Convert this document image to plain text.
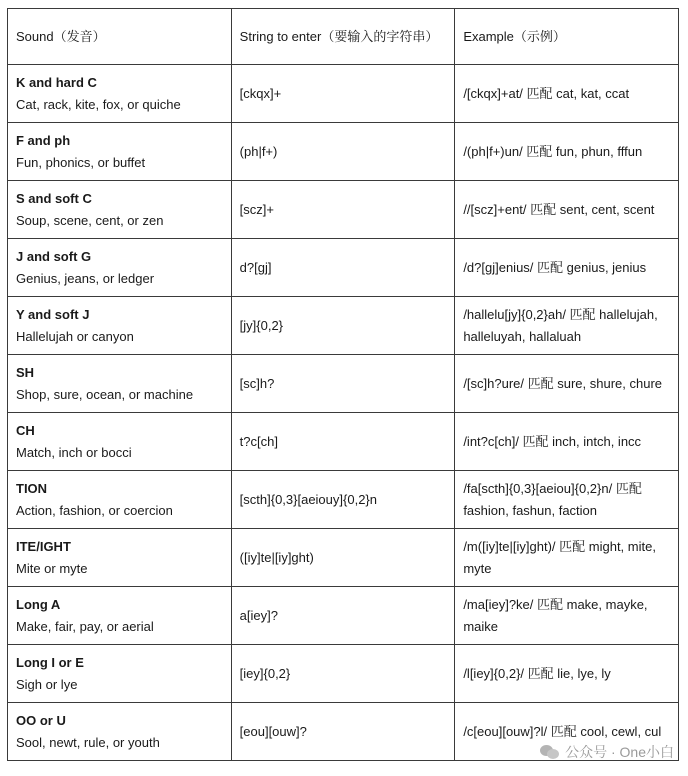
Sound（发音）	String to enter（要输入的字符串）	Example（示例）

K and hard C
Cat, rack, kite, fox, or quiche	[ckqx]+	/[ckqx]+at/ 匹配 cat, kat, ccat

F and ph
Fun, phonics, or buffet	(ph|f+)	/(ph|f+)un/ 匹配 fun, phun, fffun

S and soft C
Soup, scene, cent, or zen	[scz]+	//[scz]+ent/ 匹配 sent, cent, scent

J and soft G
Genius, jeans, or ledger	d?[gj]	/d?[gj]enius/ 匹配 genius, jenius

Y and soft J
Hallelujah or canyon	[jy]{0,2}	/hallelu[jy]{0,2}ah/ 匹配 hallelujah, halleluyah, hallaluah

SH
Shop, sure, ocean, or machine	[sc]h?	/[sc]h?ure/ 匹配 sure, shure, chure

CH
Match, inch or bocci	t?c[ch]	/int?c[ch]/ 匹配 inch, intch, incc

TION
Action, fashion, or coercion	[scth]{0,3}[aeiouy]{0,2}n	/fa[scth]{0,3}[aeiou]{0,2}n/ 匹配 fashion, fashun, faction

ITE/IGHT
Mite or myte	([iy]te|[iy]ght)	/m([iy]te|[iy]ght)/ 匹配 might, mite, myte

Long A
Make, fair, pay, or aerial	a[iey]?	/ma[iey]?ke/ 匹配 make, mayke, maike

Long I or E
Sigh or lye	[iey]{0,2}	/l[iey]{0,2}/ 匹配 lie, lye, ly

OO or U
Sool, newt, rule, or youth	[eou][ouw]?	/c[eou][ouw]?l/ 匹配 cool, cewl, cul
公众号 · One小白
